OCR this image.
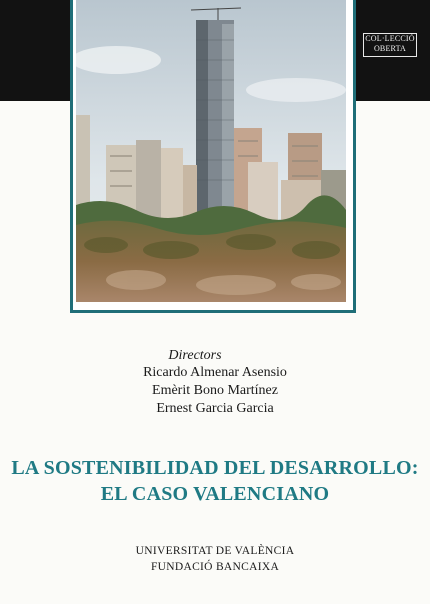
COL·LECCIÓ
OBERTA
Directors
Ricardo Almenar Asensio
Emèrit Bono Martínez
Ernest Garcia Garcia
LA SOSTENIBILIDAD DEL DESARROLLO:
EL CASO VALENCIANO
UNIVERSITAT DE VALÈNCIA
FUNDACIÓ BANCAIXA
